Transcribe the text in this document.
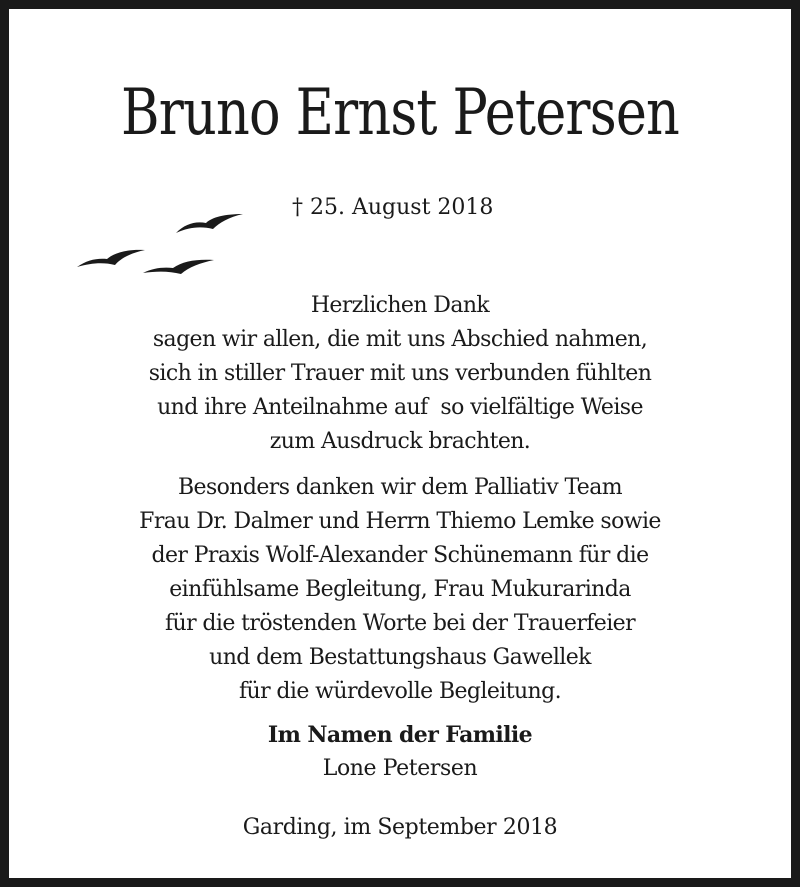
Bruno Ernst Petersen
† 25. August 2018
Herzlichen Dank
sagen wir allen, die mit uns Abschied nahmen,
sich in stiller Trauer mit uns verbunden fühlten
und ihre Anteilnahme auf  so vielfältige Weise
zum Ausdruck brachten.
Besonders danken wir dem Palliativ Team
Frau Dr. Dalmer und Herrn Thiemo Lemke sowie
der Praxis Wolf-Alexander Schünemann für die
einfühlsame Begleitung, Frau Mukurarinda
für die tröstenden Worte bei der Trauerfeier
und dem Bestattungshaus Gawellek
für die würdevolle Begleitung.
Im Namen der Familie
Lone Petersen
Garding, im September 2018
